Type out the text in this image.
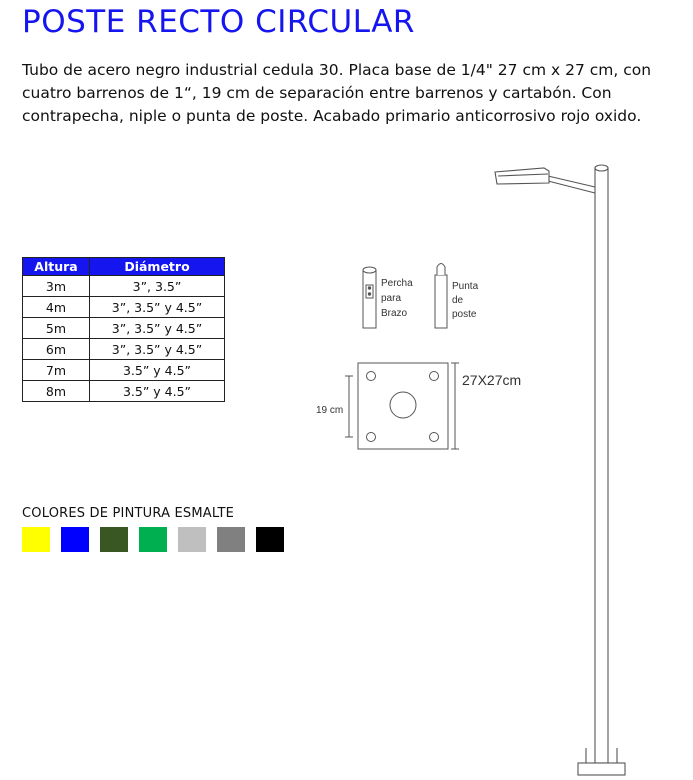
POSTE RECTO CIRCULAR

Tubo de acero negro industrial cedula 30. Placa base de 1/4" 27 cm x 27 cm, con cuatro barrenos de 1“, 19 cm de separación entre barrenos y cartabón. Con contrapecha, niple o punta de poste. Acabado primario anticorrosivo rojo oxido.

Altura	Diámetro
3m	3”, 3.5”
4m	3”, 3.5” y 4.5”
5m	3”, 3.5” y 4.5”
6m	3”, 3.5” y 4.5”
7m	3.5” y 4.5”
8m	3.5” y 4.5”

COLORES DE PINTURA ESMALTE

Percha para Brazo
Punta de poste
27X27cm
19 cm
